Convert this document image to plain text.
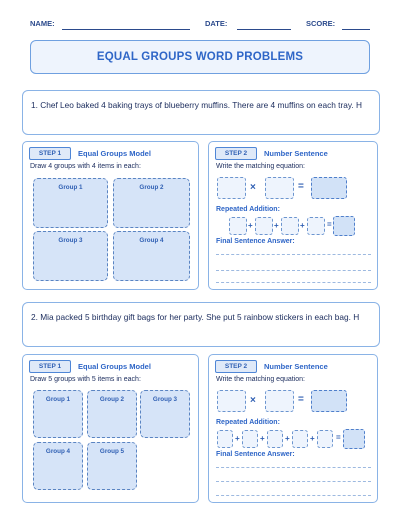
NAME:	DATE:	SCORE:
EQUAL GROUPS WORD PROBLEMS
1. Chef Leo baked 4 baking trays of blueberry muffins. There are 4 muffins on each tray. H
STEP 1	Equal Groups Model
Draw 4 groups with 4 items in each:
Group 1	Group 2
Group 3	Group 4
STEP 2	Number Sentence
Write the matching equation:
×	=
Repeated Addition:
+	+	+	=
Final Sentence Answer:
2. Mia packed 5 birthday gift bags for her party. She put 5 rainbow stickers in each bag. H
STEP 1	Equal Groups Model
Draw 5 groups with 5 items in each:
Group 1	Group 2	Group 3
Group 4	Group 5
STEP 2	Number Sentence
Write the matching equation:
×	=
Repeated Addition:
+	+	+	+	=
Final Sentence Answer:
